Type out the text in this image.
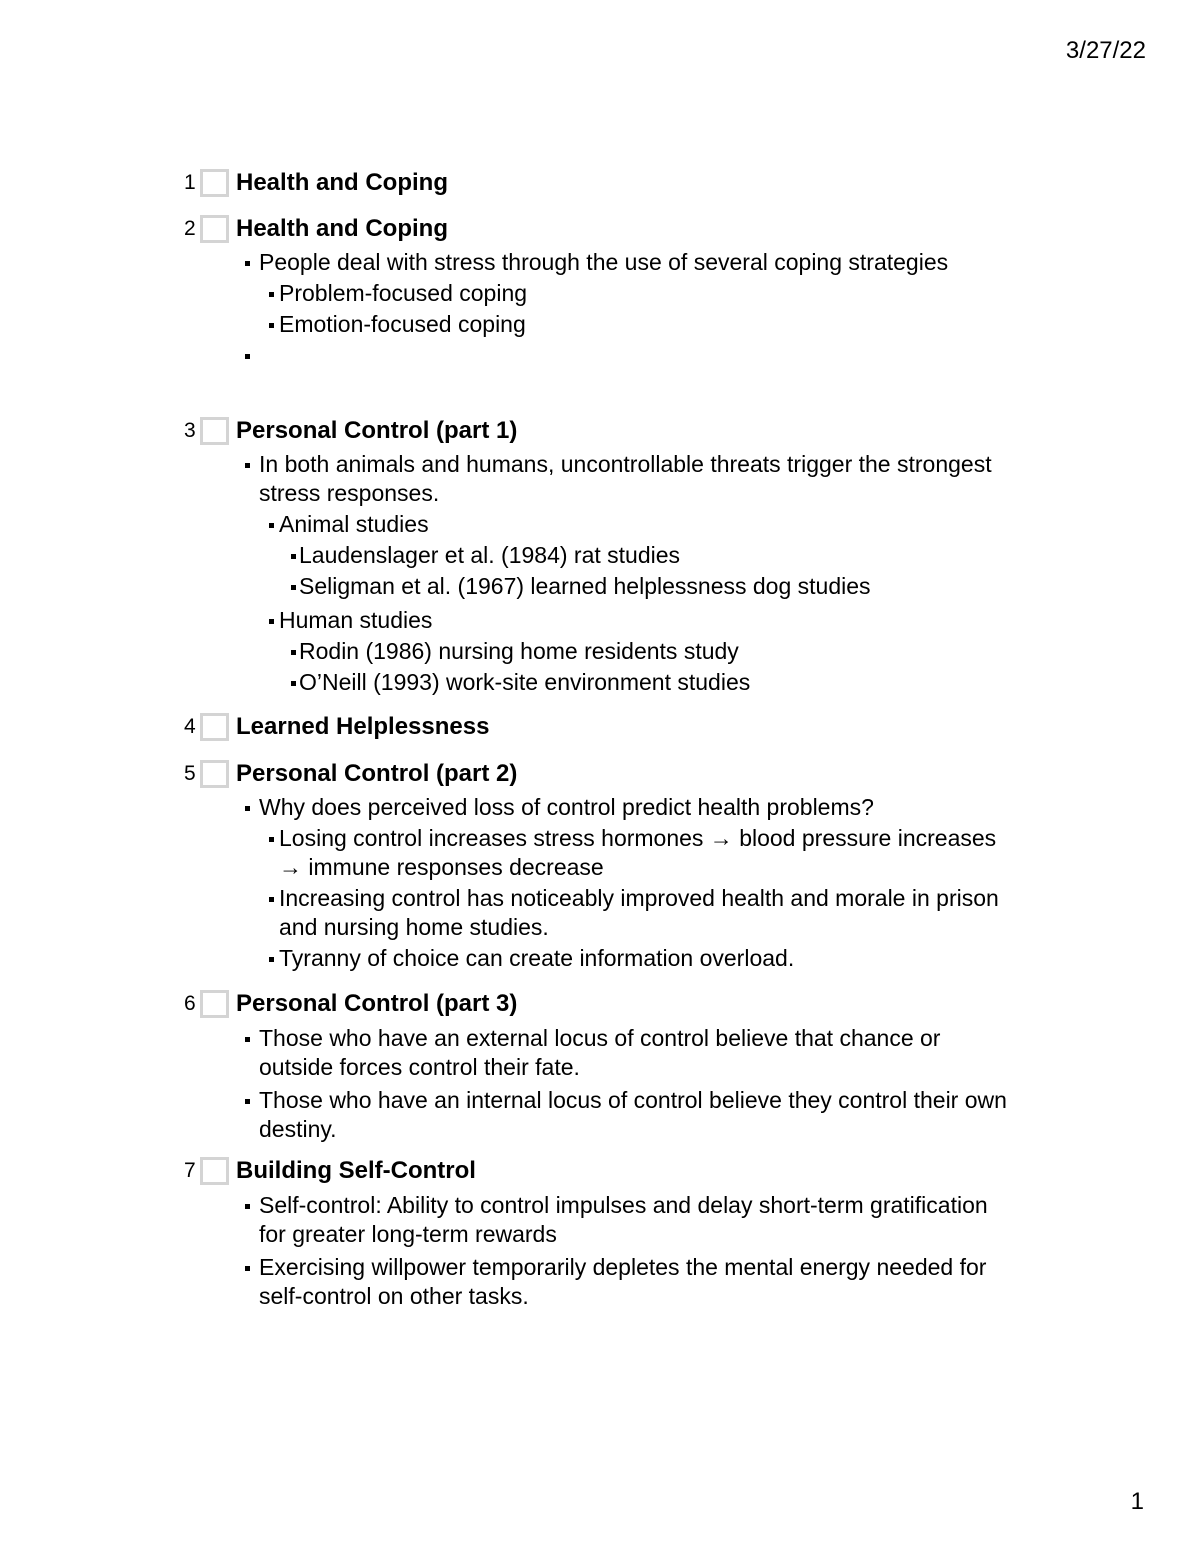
3/27/22
1 Health and Coping
2 Health and Coping
People deal with stress through the use of several coping strategies
Problem-focused coping
Emotion-focused coping
3 Personal Control (part 1)
In both animals and humans, uncontrollable threats trigger the strongest stress responses.
Animal studies
Laudenslager et al. (1984) rat studies
Seligman et al. (1967) learned helplessness dog studies
Human studies
Rodin (1986) nursing home residents study
O’Neill (1993) work-site environment studies
4 Learned Helplessness
5 Personal Control (part 2)
Why does perceived loss of control predict health problems?
Losing control increases stress hormones → blood pressure increases → immune responses decrease
Increasing control has noticeably improved health and morale in prison and nursing home studies.
Tyranny of choice can create information overload.
6 Personal Control (part 3)
Those who have an external locus of control believe that chance or outside forces control their fate.
Those who have an internal locus of control believe they control their own destiny.
7 Building Self-Control
Self-control: Ability to control impulses and delay short-term gratification for greater long-term rewards
Exercising willpower temporarily depletes the mental energy needed for self-control on other tasks.
1
